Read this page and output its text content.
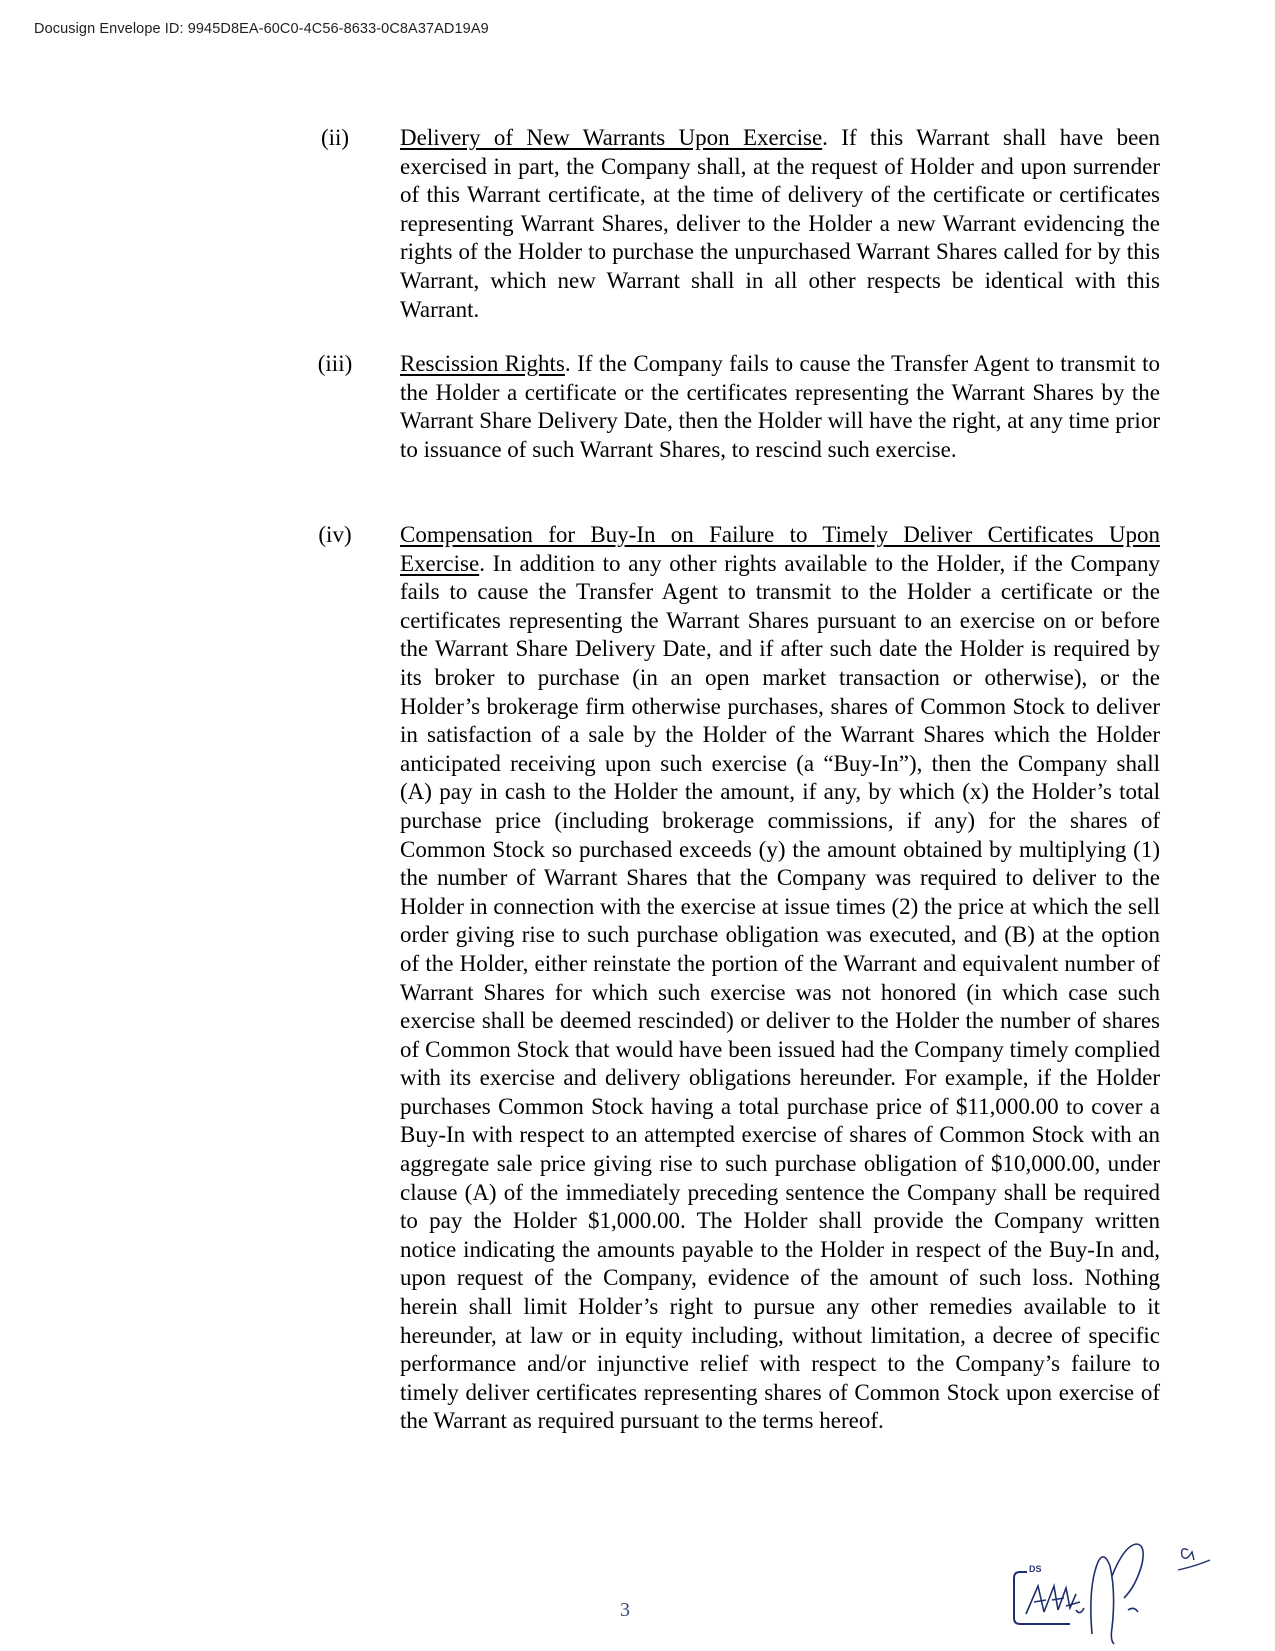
Docusign Envelope ID: 9945D8EA-60C0-4C56-8633-0C8A37AD19A9
(ii)	Delivery of New Warrants Upon Exercise. If this Warrant shall have been exercised in part, the Company shall, at the request of Holder and upon surrender of this Warrant certificate, at the time of delivery of the certificate or certificates representing Warrant Shares, deliver to the Holder a new Warrant evidencing the rights of the Holder to purchase the unpurchased Warrant Shares called for by this Warrant, which new Warrant shall in all other respects be identical with this Warrant.
(iii)	Rescission Rights. If the Company fails to cause the Transfer Agent to transmit to the Holder a certificate or the certificates representing the Warrant Shares by the Warrant Share Delivery Date, then the Holder will have the right, at any time prior to issuance of such Warrant Shares, to rescind such exercise.
(iv)	Compensation for Buy-In on Failure to Timely Deliver Certificates Upon Exercise. In addition to any other rights available to the Holder, if the Company fails to cause the Transfer Agent to transmit to the Holder a certificate or the certificates representing the Warrant Shares pursuant to an exercise on or before the Warrant Share Delivery Date, and if after such date the Holder is required by its broker to purchase (in an open market transaction or otherwise), or the Holder’s brokerage firm otherwise purchases, shares of Common Stock to deliver in satisfaction of a sale by the Holder of the Warrant Shares which the Holder anticipated receiving upon such exercise (a “Buy-In”), then the Company shall (A) pay in cash to the Holder the amount, if any, by which (x) the Holder’s total purchase price (including brokerage commissions, if any) for the shares of Common Stock so purchased exceeds (y) the amount obtained by multiplying (1) the number of Warrant Shares that the Company was required to deliver to the Holder in connection with the exercise at issue times (2) the price at which the sell order giving rise to such purchase obligation was executed, and (B) at the option of the Holder, either reinstate the portion of the Warrant and equivalent number of Warrant Shares for which such exercise was not honored (in which case such exercise shall be deemed rescinded) or deliver to the Holder the number of shares of Common Stock that would have been issued had the Company timely complied with its exercise and delivery obligations hereunder. For example, if the Holder purchases Common Stock having a total purchase price of $11,000.00 to cover a Buy-In with respect to an attempted exercise of shares of Common Stock with an aggregate sale price giving rise to such purchase obligation of $10,000.00, under clause (A) of the immediately preceding sentence the Company shall be required to pay the Holder $1,000.00. The Holder shall provide the Company written notice indicating the amounts payable to the Holder in respect of the Buy-In and, upon request of the Company, evidence of the amount of such loss. Nothing herein shall limit Holder’s right to pursue any other remedies available to it hereunder, at law or in equity including, without limitation, a decree of specific performance and/or injunctive relief with respect to the Company’s failure to timely deliver certificates representing shares of Common Stock upon exercise of the Warrant as required pursuant to the terms hereof.
3
DS
